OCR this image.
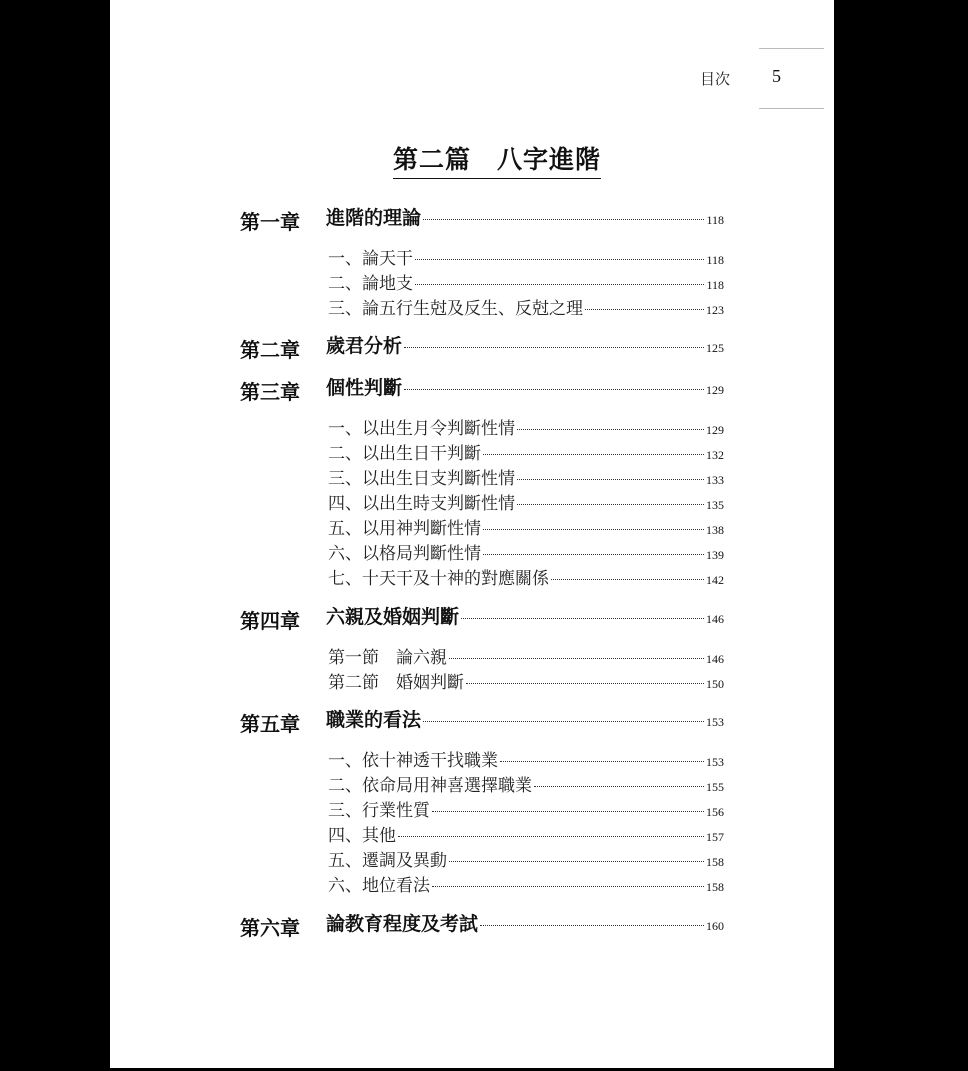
目次 5
第二篇　八字進階
第一章 進階的理論	118
一、論天干	118
二、論地支	118
三、論五行生尅及反生、反尅之理	123
第二章 歲君分析	125
第三章 個性判斷	129
一、以出生月令判斷性情	129
二、以出生日干判斷	132
三、以出生日支判斷性情	133
四、以出生時支判斷性情	135
五、以用神判斷性情	138
六、以格局判斷性情	139
七、十天干及十神的對應關係	142
第四章 六親及婚姻判斷	146
第一節　論六親	146
第二節　婚姻判斷	150
第五章 職業的看法	153
一、依十神透干找職業	153
二、依命局用神喜選擇職業	155
三、行業性質	156
四、其他	157
五、遷調及異動	158
六、地位看法	158
第六章 論教育程度及考試	160
